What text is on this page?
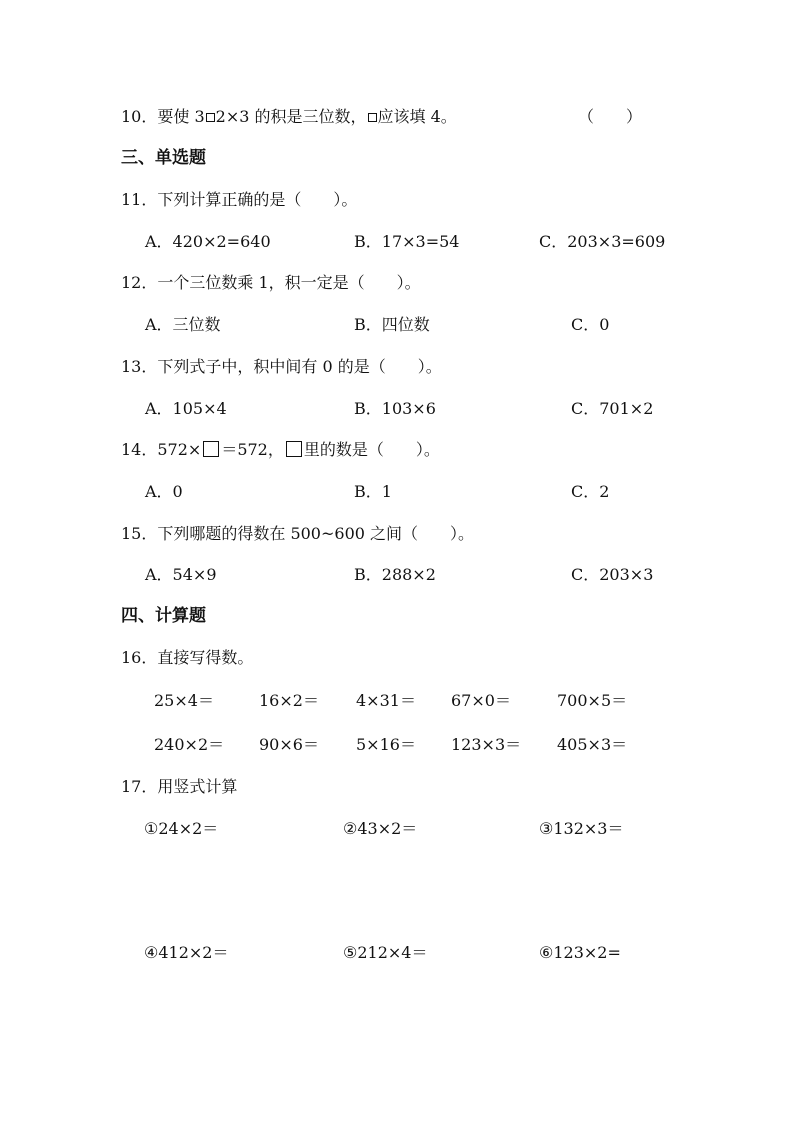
10．要使 3 2×3 的积是三位数， 应该填 4。	（　　）
三、单选题
11．下列计算正确的是（　　）。
A．420×2=640	B．17×3=54	C．203×3=609
12．一个三位数乘 1，积一定是（　　）。
A．三位数	B．四位数	C．0
13．下列式子中，积中间有 0 的是（　　）。
A．105×4	B．103×6	C．701×2
14．572× ＝572， 里的数是（　　）。
A．0	B．1	C．2
15．下列哪题的得数在 500~600 之间（　　）。
A．54×9	B．288×2	C．203×3
四、计算题
16．直接写得数。
25×4＝	16×2＝ 4×31＝ 67×0＝	700×5＝
240×2＝ 90×6＝ 5×16＝ 123×3＝ 405×3＝
17．用竖式计算
①24×2＝	②43×2＝	③132×3＝
④412×2＝	⑤212×4＝	⑥123×2=
